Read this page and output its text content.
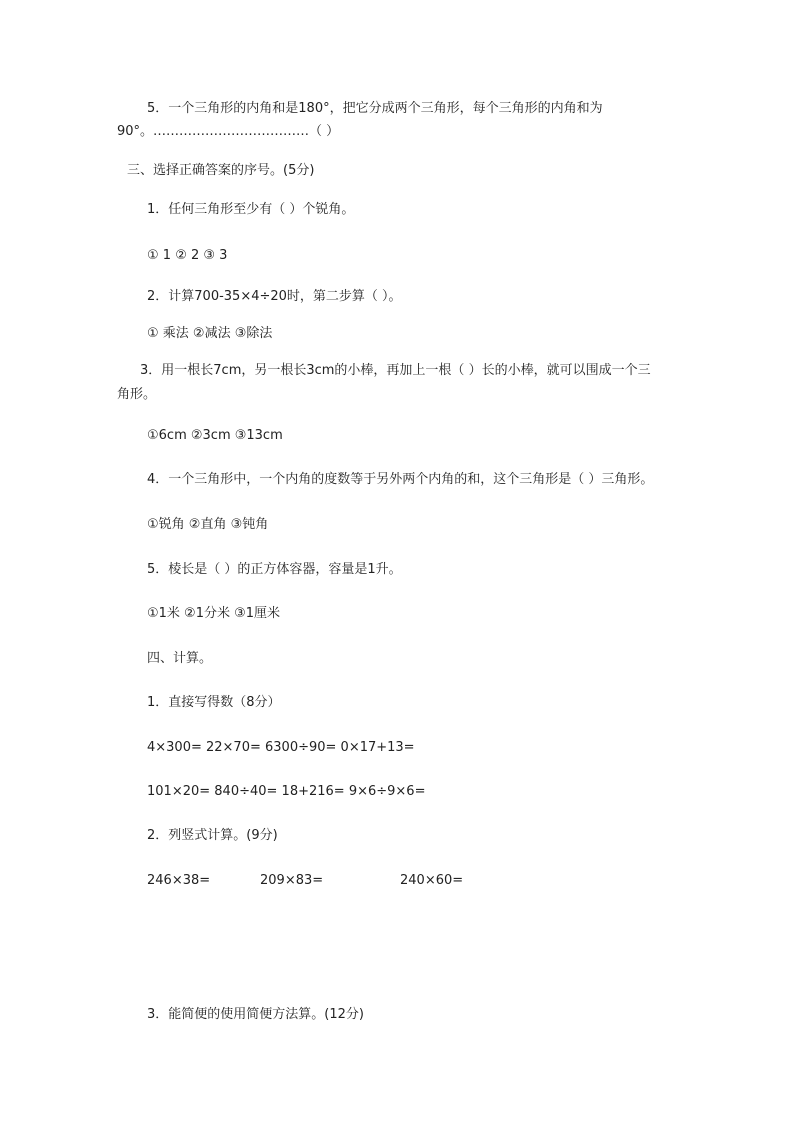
5．一个三角形的内角和是180°，把它分成两个三角形，每个三角形的内角和为
90°。………………………………（ ）
三、选择正确答案的序号。(5分)
1．任何三角形至少有（ ）个锐角。
① 1 ② 2 ③ 3
2．计算700-35×4÷20时，第二步算（ ）。
① 乘法 ②减法 ③除法
3．用一根长7cm，另一根长3cm的小棒，再加上一根（ ）长的小棒，就可以围成一个三
角形。
①6cm ②3cm ③13cm
4．一个三角形中，一个内角的度数等于另外两个内角的和，这个三角形是（ ）三角形。
①锐角 ②直角 ③钝角
5．棱长是（ ）的正方体容器，容量是1升。
①1米 ②1分米 ③1厘米
四、计算。
1．直接写得数（8分）
4×300= 22×70= 6300÷90= 0×17+13=
101×20= 840÷40= 18+216= 9×6÷9×6=
2．列竖式计算。(9分)
246×38=	209×83=	240×60=
3．能简便的使用简便方法算。(12分)
